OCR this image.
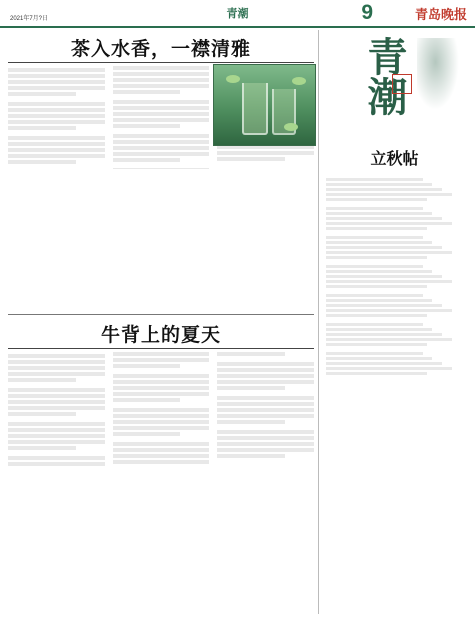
2021年7月?日	青潮	9	青岛晚报
茶入水香，一襟清雅
牛背上的夏天
青潮
立秋帖
